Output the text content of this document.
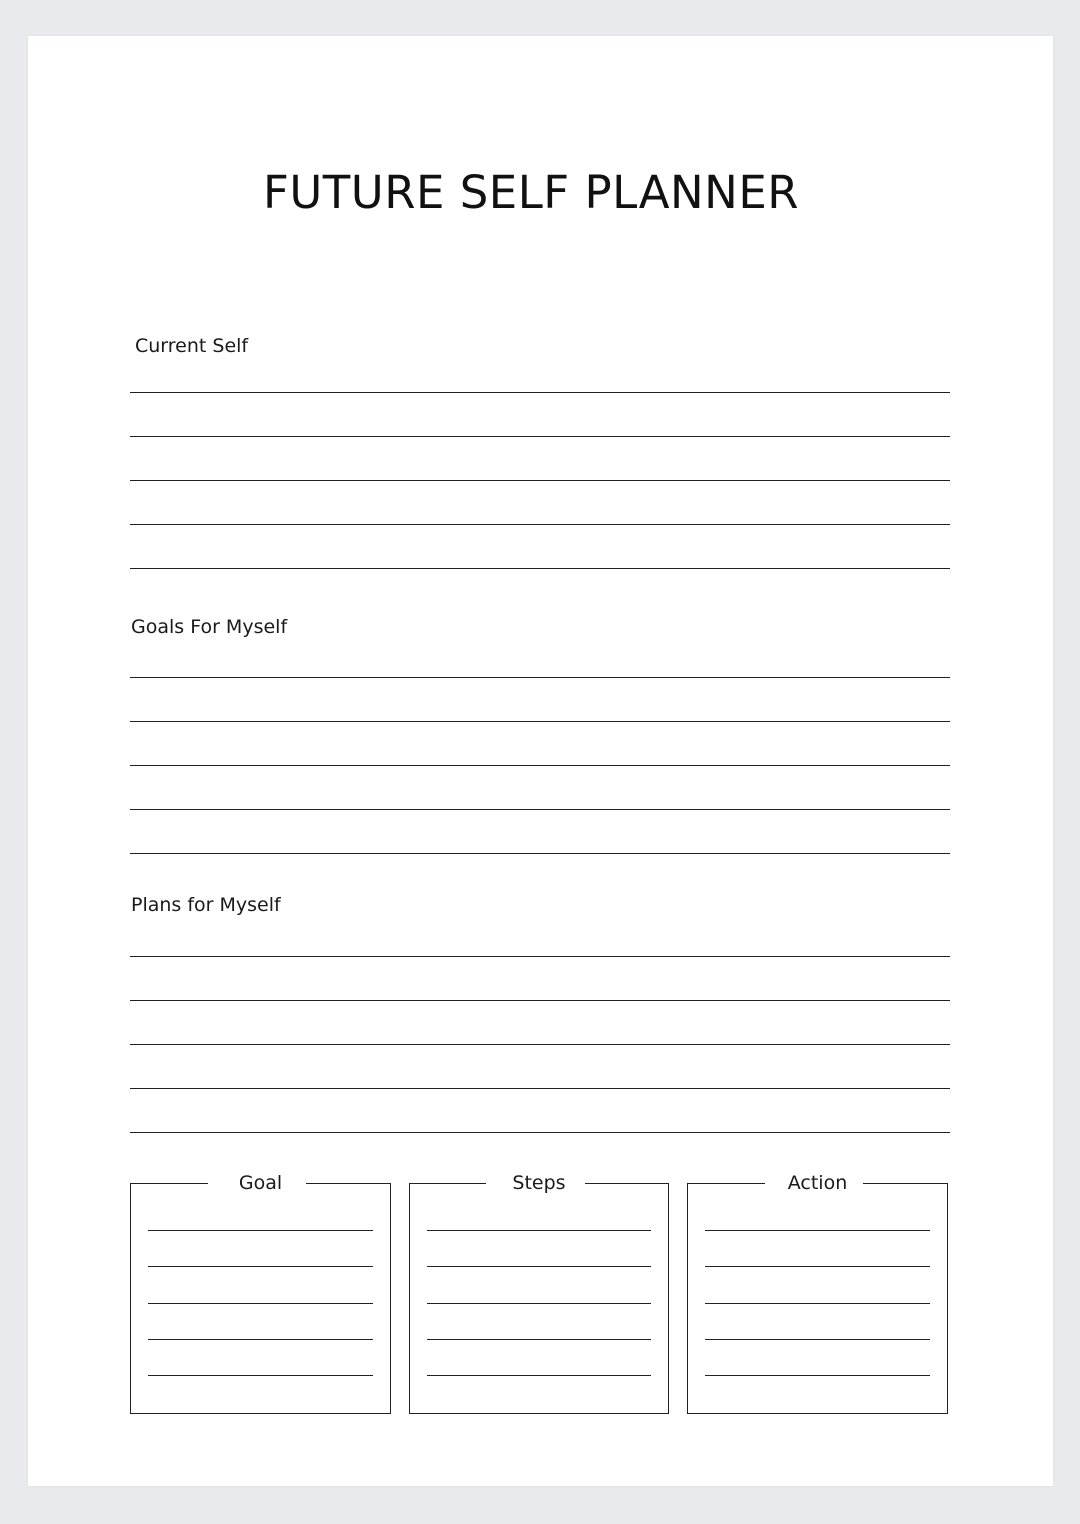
FUTURE SELF PLANNER
Current Self
Goals For Myself
Plans for Myself
Goal	Steps	Action
